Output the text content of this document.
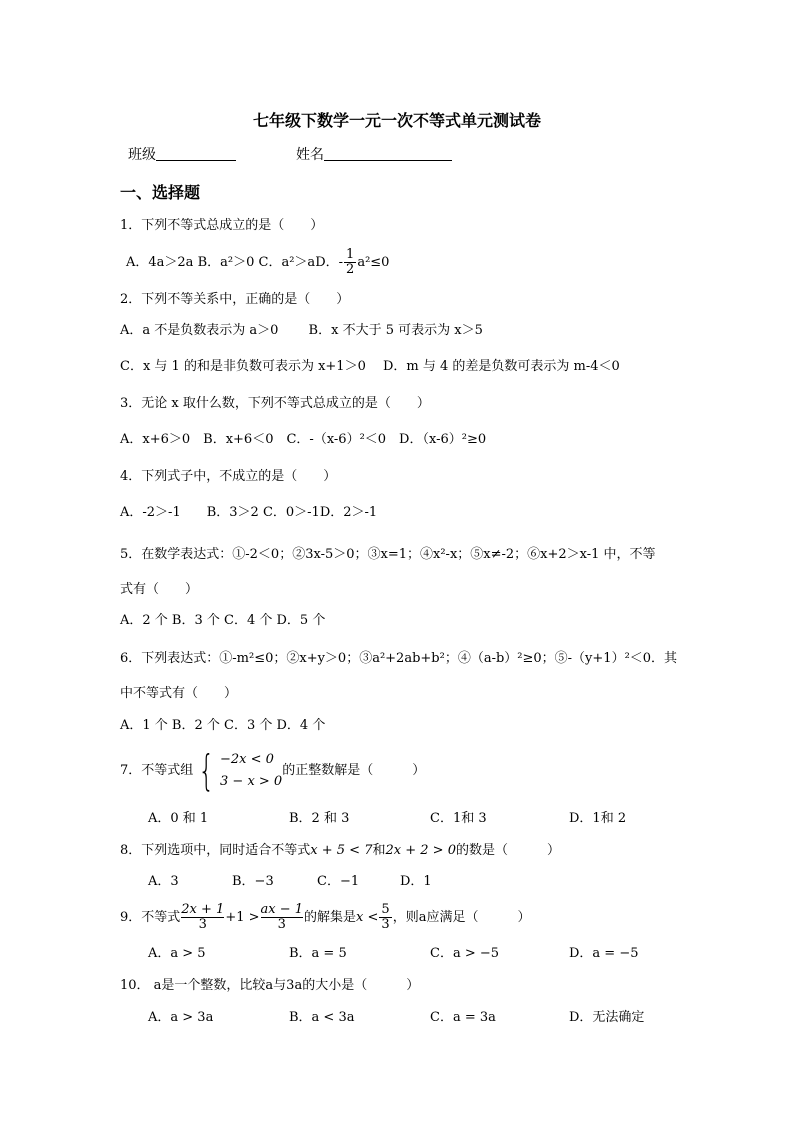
七年级下数学一元一次不等式单元测试卷
班级	姓名
一、选择题
1．下列不等式总成立的是（　　）
A．4a＞2a B．a²＞0 C．a²＞aD．- $\frac{1}{2} a^2\le 0$
2．下列不等关系中，正确的是（　　）
A．a 不是负数表示为 a＞0　　 B．x 不大于 5 可表示为 x＞5
C．x 与 1 的和是非负数可表示为 x+1＞0　 D．m 与 4 的差是负数可表示为 m-4＜0
3．无论 x 取什么数，下列不等式总成立的是（　　）
A．x+6＞0　B．x+6＜0　C．-（x-6）²＜0　D．（x-6）²≥0
4．下列式子中，不成立的是（　　）
A．-2＞-1　　B．3＞2 C．0＞-1D．2＞-1
5．在数学表达式：①-2＜0；②3x-5＞0；③x=1；④x²-x；⑤x≠-2；⑥x+2＞x-1 中，不等
式有（　　）
A．2 个 B．3 个 C．4 个 D．5 个
6．下列表达式：①-m²≤0；②x+y＞0；③a²+2ab+b²；④（a-b）²≥0；⑤-（y+1）²＜0．其
中不等式有（　　）
A．1 个 B．2 个 C．3 个 D．4 个
7．不等式组 { −2x < 0
3 − x > 0
的正整数解是（　　　）
A．0 和 1	B．2 和 3	C．1和 3	D．1和 2
8．下列选项中，同时适合不等式x + 5 < 7和2x + 2 > 0的数是（　　　）
A．3	B．−3	C．−1	D．1
9．不等式 $\frac{2x + 1}{3} +1 > \frac{ax - 1}{3}$ 的解集是$x < \frac{5}{3}$ ，则a应满足（　　　）
A．a > 5	B．a = 5	C．a > −5	D．a = −5
10． a是一个整数，比较a与3a的大小是（　　　）
A．a > 3a	B．a < 3a	C．a = 3a	D．无法确定
